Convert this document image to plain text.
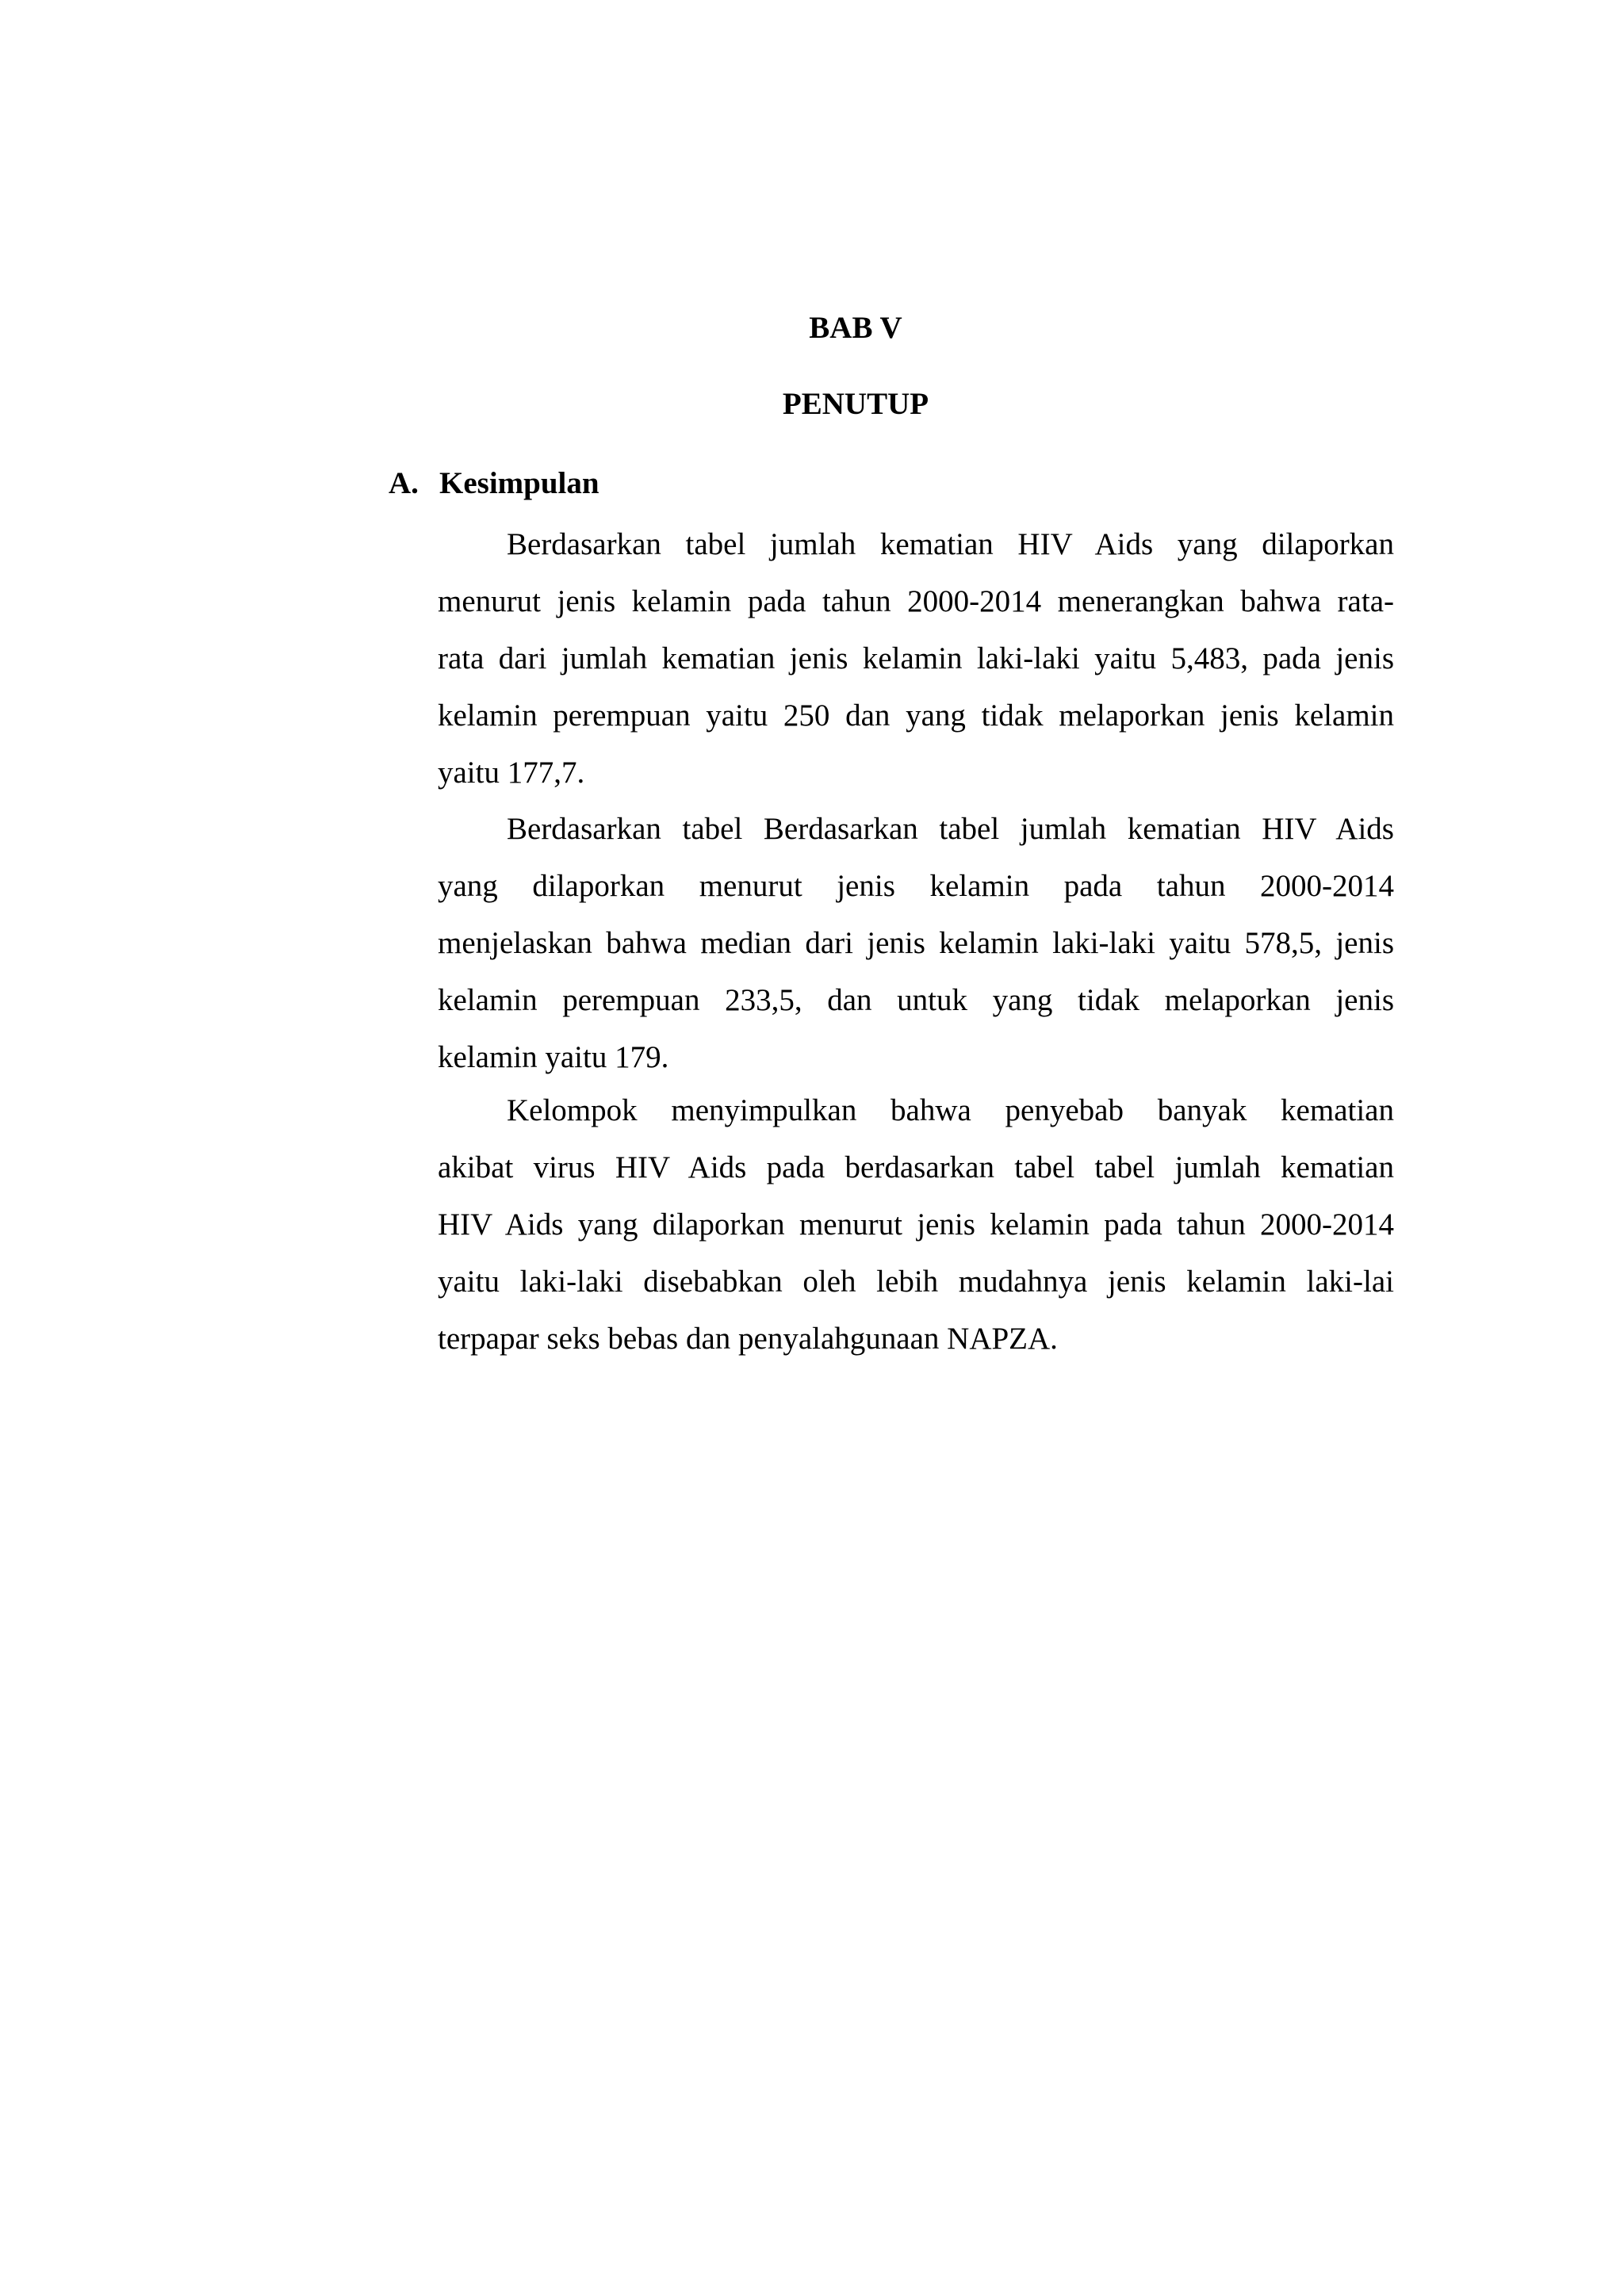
BAB V
PENUTUP
A. Kesimpulan
Berdasarkan tabel jumlah kematian HIV Aids yang dilaporkan
menurut jenis kelamin pada tahun 2000-2014 menerangkan bahwa rata-
rata dari jumlah kematian jenis kelamin laki-laki yaitu 5,483, pada jenis
kelamin perempuan yaitu 250 dan yang tidak melaporkan jenis kelamin
yaitu 177,7.
Berdasarkan tabel Berdasarkan tabel jumlah kematian HIV Aids
yang dilaporkan menurut jenis kelamin pada tahun 2000-2014
menjelaskan bahwa median dari jenis kelamin laki-laki yaitu 578,5, jenis
kelamin perempuan 233,5, dan untuk yang tidak melaporkan jenis
kelamin yaitu 179.
Kelompok menyimpulkan bahwa penyebab banyak kematian
akibat virus HIV Aids pada berdasarkan tabel tabel jumlah kematian
HIV Aids yang dilaporkan menurut jenis kelamin pada tahun 2000-2014
yaitu laki-laki disebabkan oleh lebih mudahnya jenis kelamin laki-lai
terpapar seks bebas dan penyalahgunaan NAPZA.
